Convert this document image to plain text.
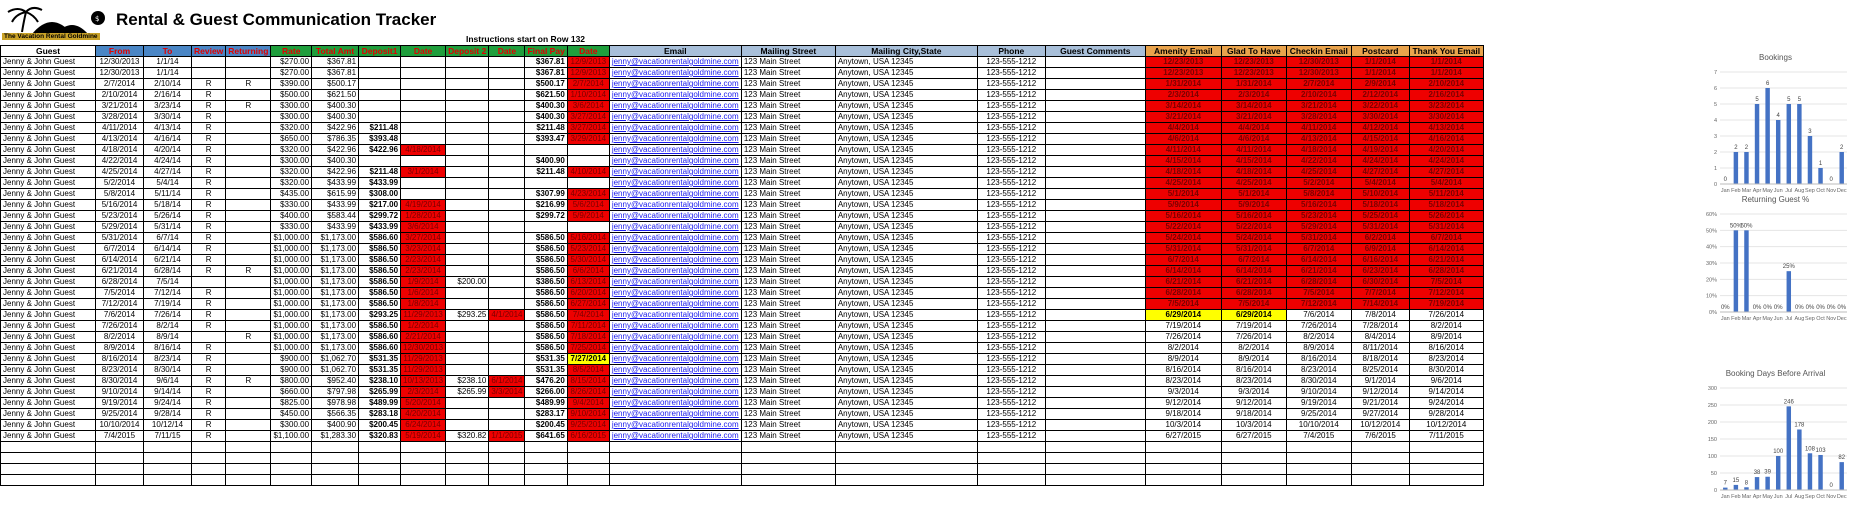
$
The Vacation Rental Goldmine
Rental & Guest Communication Tracker
Instructions start on Row 132
Guest	From	To	Review	Returning	Rate	Total Amt	Deposit1	Date	Deposit 2	Date	Final Pay	Date	Email	Mailing Street	Mailing City,State	Phone	Guest Comments	Amenity Email	Glad To Have	Checkin Email	Postcard	Thank You Email
Jenny & John Guest	12/30/2013	1/1/14			$270.00	$367.81					$367.81	12/9/2013	jenny@vacationrentalgoldmine.com	123 Main Street	Anytown, USA 12345	123-555-1212		12/23/2013	12/23/2013	12/30/2013	1/1/2014	1/1/2014
Jenny & John Guest	12/30/2013	1/1/14			$270.00	$367.81					$367.81	12/9/2013	jenny@vacationrentalgoldmine.com	123 Main Street	Anytown, USA 12345	123-555-1212		12/23/2013	12/23/2013	12/30/2013	1/1/2014	1/1/2014
Jenny & John Guest	2/7/2014	2/10/14	R	R	$390.00	$500.17					$500.17	2/7/2014	jenny@vacationrentalgoldmine.com	123 Main Street	Anytown, USA 12345	123-555-1212		1/31/2014	1/31/2014	2/7/2014	2/9/2014	2/10/2014
Jenny & John Guest	2/10/2014	2/16/14	R		$500.00	$621.50					$621.50	1/10/2014	jenny@vacationrentalgoldmine.com	123 Main Street	Anytown, USA 12345	123-555-1212		2/3/2014	2/3/2014	2/10/2014	2/12/2014	2/16/2014
Jenny & John Guest	3/21/2014	3/23/14	R	R	$300.00	$400.30					$400.30	3/6/2014	jenny@vacationrentalgoldmine.com	123 Main Street	Anytown, USA 12345	123-555-1212		3/14/2014	3/14/2014	3/21/2014	3/22/2014	3/23/2014
Jenny & John Guest	3/28/2014	3/30/14	R		$300.00	$400.30					$400.30	3/27/2014	jenny@vacationrentalgoldmine.com	123 Main Street	Anytown, USA 12345	123-555-1212		3/21/2014	3/21/2014	3/28/2014	3/30/2014	3/30/2014
Jenny & John Guest	4/11/2014	4/13/14	R		$320.00	$422.96	$211.48				$211.48	3/27/2014	jenny@vacationrentalgoldmine.com	123 Main Street	Anytown, USA 12345	123-555-1212		4/4/2014	4/4/2014	4/11/2014	4/12/2014	4/13/2014
Jenny & John Guest	4/13/2014	4/16/14	R		$650.00	$786.35	$393.48				$393.47	3/29/2014	jenny@vacationrentalgoldmine.com	123 Main Street	Anytown, USA 12345	123-555-1212		4/6/2014	4/6/2014	4/13/2014	4/15/2014	4/16/2014
Jenny & John Guest	4/18/2014	4/20/14	R		$320.00	$422.96	$422.96	4/18/2014					jenny@vacationrentalgoldmine.com	123 Main Street	Anytown, USA 12345	123-555-1212		4/11/2014	4/11/2014	4/18/2014	4/19/2014	4/20/2014
Jenny & John Guest	4/22/2014	4/24/14	R		$300.00	$400.30					$400.90		jenny@vacationrentalgoldmine.com	123 Main Street	Anytown, USA 12345	123-555-1212		4/15/2014	4/15/2014	4/22/2014	4/24/2014	4/24/2014
Jenny & John Guest	4/25/2014	4/27/14	R		$320.00	$422.96	$211.48	3/1/2014			$211.48	4/10/2014	jenny@vacationrentalgoldmine.com	123 Main Street	Anytown, USA 12345	123-555-1212		4/18/2014	4/18/2014	4/25/2014	4/27/2014	4/27/2014
Jenny & John Guest	5/2/2014	5/4/14	R		$320.00	$433.99	$433.99						jenny@vacationrentalgoldmine.com	123 Main Street	Anytown, USA 12345	123-555-1212		4/25/2014	4/25/2014	5/2/2014	5/4/2014	5/4/2014
Jenny & John Guest	5/8/2014	5/11/14	R		$435.00	$615.99	$308.00				$307.99	4/23/2014	jenny@vacationrentalgoldmine.com	123 Main Street	Anytown, USA 12345	123-555-1212		5/1/2014	5/1/2014	5/8/2014	5/10/2014	5/11/2014
Jenny & John Guest	5/16/2014	5/18/14	R		$330.00	$433.99	$217.00	4/19/2014			$216.99	5/6/2014	jenny@vacationrentalgoldmine.com	123 Main Street	Anytown, USA 12345	123-555-1212		5/9/2014	5/9/2014	5/16/2014	5/18/2014	5/18/2014
Jenny & John Guest	5/23/2014	5/26/14	R		$400.00	$583.44	$299.72	1/28/2014			$299.72	5/9/2014	jenny@vacationrentalgoldmine.com	123 Main Street	Anytown, USA 12345	123-555-1212		5/16/2014	5/16/2014	5/23/2014	5/25/2014	5/26/2014
Jenny & John Guest	5/29/2014	5/31/14	R		$330.00	$433.99	$433.99	3/6/2014					jenny@vacationrentalgoldmine.com	123 Main Street	Anytown, USA 12345	123-555-1212		5/22/2014	5/22/2014	5/29/2014	5/31/2014	5/31/2014
Jenny & John Guest	5/31/2014	6/7/14	R		$1,000.00	$1,173.00	$586.60	3/27/2014			$586.50	5/16/2014	jenny@vacationrentalgoldmine.com	123 Main Street	Anytown, USA 12345	123-555-1212		5/24/2014	5/24/2014	5/31/2014	6/2/2014	6/7/2014
Jenny & John Guest	6/7/2014	6/14/14	R		$1,000.00	$1,173.00	$586.50	3/23/2014			$586.50	5/23/2014	jenny@vacationrentalgoldmine.com	123 Main Street	Anytown, USA 12345	123-555-1212		5/31/2014	5/31/2014	6/7/2014	6/9/2014	6/14/2014
Jenny & John Guest	6/14/2014	6/21/14	R		$1,000.00	$1,173.00	$586.50	2/23/2014			$586.50	5/30/2014	jenny@vacationrentalgoldmine.com	123 Main Street	Anytown, USA 12345	123-555-1212		6/7/2014	6/7/2014	6/14/2014	6/16/2014	6/21/2014
Jenny & John Guest	6/21/2014	6/28/14	R	R	$1,000.00	$1,173.00	$586.50	2/23/2014			$586.50	6/6/2014	jenny@vacationrentalgoldmine.com	123 Main Street	Anytown, USA 12345	123-555-1212		6/14/2014	6/14/2014	6/21/2014	6/23/2014	6/28/2014
Jenny & John Guest	6/28/2014	7/5/14			$1,000.00	$1,173.00	$586.50	1/9/2014	$200.00		$386.50	6/13/2014	jenny@vacationrentalgoldmine.com	123 Main Street	Anytown, USA 12345	123-555-1212		6/21/2014	6/21/2014	6/28/2014	6/30/2014	7/5/2014
Jenny & John Guest	7/5/2014	7/12/14	R		$1,000.00	$1,173.00	$586.50	1/6/2014			$586.50	6/20/2014	jenny@vacationrentalgoldmine.com	123 Main Street	Anytown, USA 12345	123-555-1212		6/28/2014	6/28/2014	7/5/2014	7/7/2014	7/12/2014
Jenny & John Guest	7/12/2014	7/19/14	R		$1,000.00	$1,173.00	$586.50	1/8/2014			$586.50	6/27/2014	jenny@vacationrentalgoldmine.com	123 Main Street	Anytown, USA 12345	123-555-1212		7/5/2014	7/5/2014	7/12/2014	7/14/2014	7/19/2014
Jenny & John Guest	7/6/2014	7/26/14	R		$1,000.00	$1,173.00	$293.25	11/29/2013	$293.25	4/1/2014	$586.50	7/4/2014	jenny@vacationrentalgoldmine.com	123 Main Street	Anytown, USA 12345	123-555-1212		6/29/2014	6/29/2014	7/6/2014	7/8/2014	7/26/2014
Jenny & John Guest	7/26/2014	8/2/14	R		$1,000.00	$1,173.00	$586.50	1/2/2014			$586.50	7/11/2014	jenny@vacationrentalgoldmine.com	123 Main Street	Anytown, USA 12345	123-555-1212		7/19/2014	7/19/2014	7/26/2014	7/28/2014	8/2/2014
Jenny & John Guest	8/2/2014	8/9/14		R	$1,000.00	$1,173.00	$586.60	2/21/2014			$586.50	7/18/2014	jenny@vacationrentalgoldmine.com	123 Main Street	Anytown, USA 12345	123-555-1212		7/26/2014	7/26/2014	8/2/2014	8/4/2014	8/9/2014
Jenny & John Guest	8/9/2014	8/16/14	R		$1,000.00	$1,173.00	$586.60	12/30/2013			$586.50	7/25/2014	jenny@vacationrentalgoldmine.com	123 Main Street	Anytown, USA 12345	123-555-1212		8/2/2014	8/2/2014	8/9/2014	8/11/2014	8/16/2014
Jenny & John Guest	8/16/2014	8/23/14	R		$900.00	$1,062.70	$531.35	11/29/2013			$531.35	7/27/2014	jenny@vacationrentalgoldmine.com	123 Main Street	Anytown, USA 12345	123-555-1212		8/9/2014	8/9/2014	8/16/2014	8/18/2014	8/23/2014
Jenny & John Guest	8/23/2014	8/30/14	R		$900.00	$1,062.70	$531.35	11/29/2013			$531.35	8/5/2014	jenny@vacationrentalgoldmine.com	123 Main Street	Anytown, USA 12345	123-555-1212		8/16/2014	8/16/2014	8/23/2014	8/25/2014	8/30/2014
Jenny & John Guest	8/30/2014	9/6/14	R	R	$800.00	$952.40	$238.10	10/13/2013	$238.10	6/1/2014	$476.20	8/15/2014	jenny@vacationrentalgoldmine.com	123 Main Street	Anytown, USA 12345	123-555-1212		8/23/2014	8/23/2014	8/30/2014	9/1/2014	9/6/2014
Jenny & John Guest	9/10/2014	9/14/14	R		$660.00	$797.98	$265.99	2/3/2014	$265.99	3/3/2014	$266.00	8/26/2014	jenny@vacationrentalgoldmine.com	123 Main Street	Anytown, USA 12345	123-555-1212		9/3/2014	9/3/2014	9/10/2014	9/12/2014	9/14/2014
Jenny & John Guest	9/19/2014	9/24/14	R		$825.00	$978.98	$489.99	5/20/2014			$489.99	9/4/2014	jenny@vacationrentalgoldmine.com	123 Main Street	Anytown, USA 12345	123-555-1212		9/12/2014	9/12/2014	9/19/2014	9/21/2014	9/24/2014
Jenny & John Guest	9/25/2014	9/28/14	R		$450.00	$566.35	$283.18	4/20/2014			$283.17	9/10/2014	jenny@vacationrentalgoldmine.com	123 Main Street	Anytown, USA 12345	123-555-1212		9/18/2014	9/18/2014	9/25/2014	9/27/2014	9/28/2014
Jenny & John Guest	10/10/2014	10/12/14	R		$300.00	$400.90	$200.45	6/24/2014			$200.45	9/25/2014	jenny@vacationrentalgoldmine.com	123 Main Street	Anytown, USA 12345	123-555-1212		10/3/2014	10/3/2014	10/10/2014	10/12/2014	10/12/2014
Jenny & John Guest	7/4/2015	7/11/15	R		$1,100.00	$1,283.30	$320.83	5/19/2014	$320.82	1/1/2015	$641.65	6/16/2015	jenny@vacationrentalgoldmine.com	123 Main Street	Anytown, USA 12345	123-555-1212		6/27/2015	6/27/2015	7/4/2015	7/6/2015	7/11/2015

Bookings
0
1
2
3
4
5
6
7
0
Jan
2
Feb
2
Mar
5
Apr
6
May
4
Jun
5
Jul
5
Aug
3
Sep
1
Oct
0
Nov
2
Dec
Returning Guest %
0%
10%
20%
30%
40%
50%
60%
0%
Jan
50%
Feb
50%
Mar
0%
Apr
0%
May
0%
Jun
25%
Jul
0%
Aug
0%
Sep
0%
Oct
0%
Nov
0%
Dec
Booking Days Before Arrival
0
50
100
150
200
250
300
7
Jan
15
Feb
8
Mar
38
Apr
39
May
100
Jun
246
Jul
178
Aug
108
Sep
103
Oct
0
Nov
82
Dec
